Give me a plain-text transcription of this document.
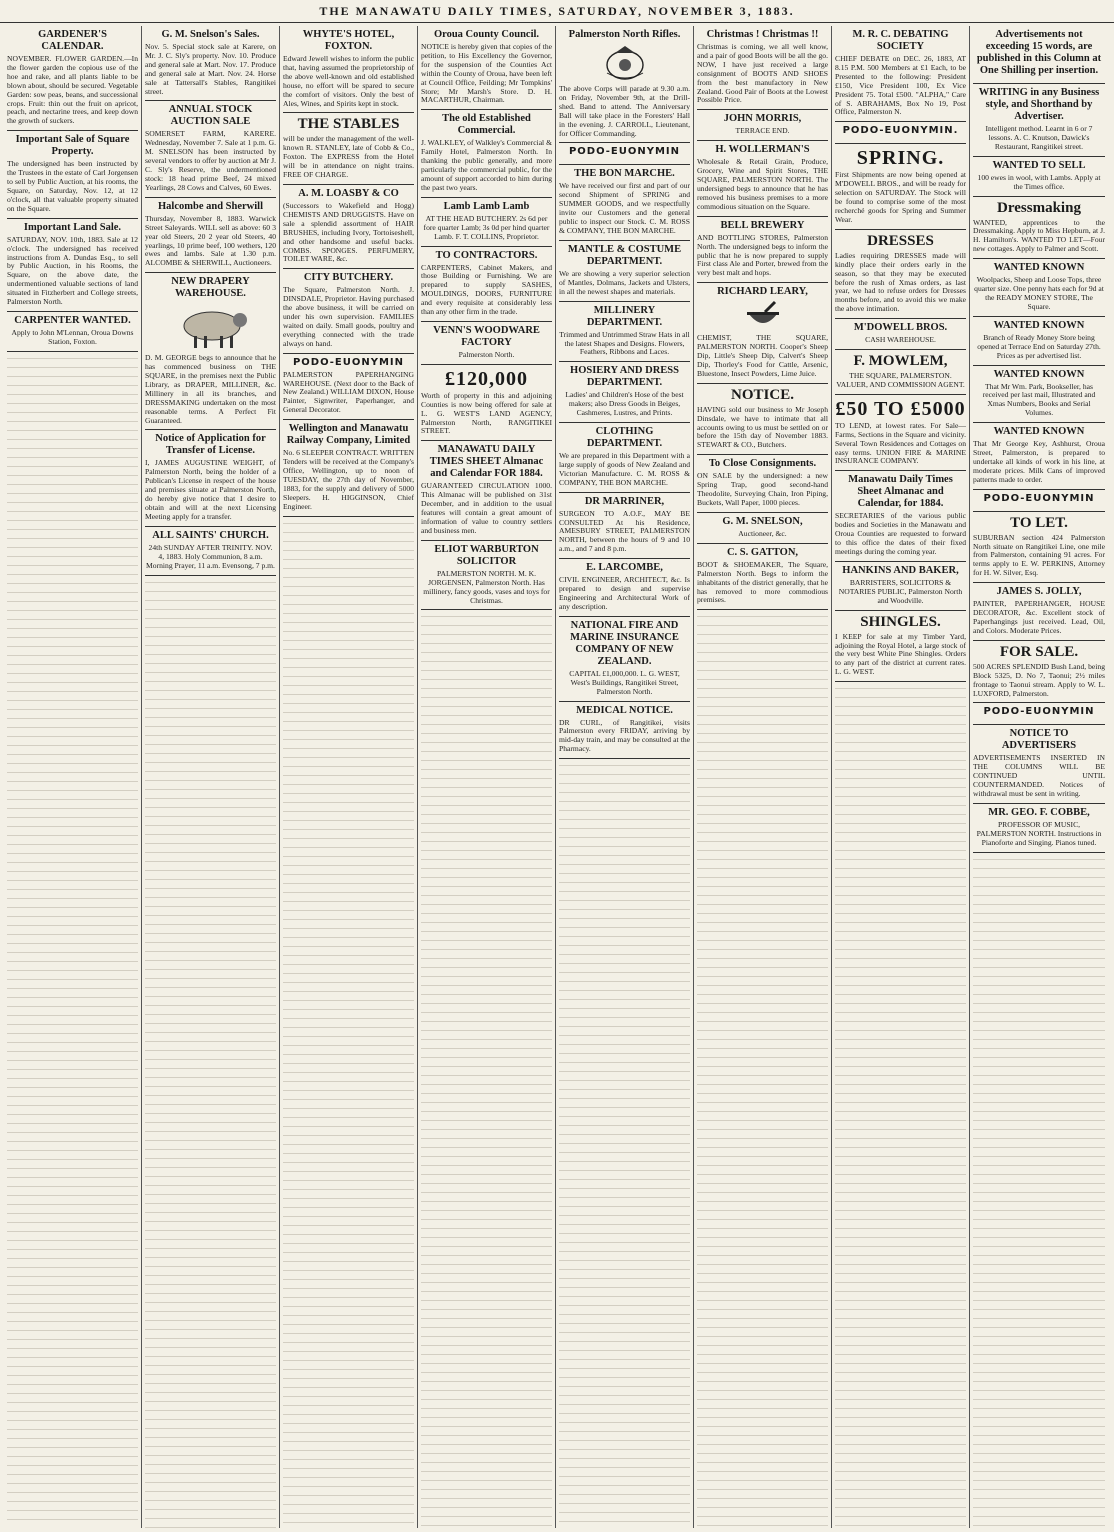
THE MANAWATU DAILY TIMES, SATURDAY, NOVEMBER 3, 1883.
GARDENER'S CALENDAR.
NOVEMBER. FLOWER GARDEN.—In the flower garden the copious use of the hoe and rake, and all plants liable to be blown about, should be secured. Vegetable Garden: sow peas, beans, and successional crops. Fruit: thin out the fruit on apricot, peach, and nectarine trees, and keep down the growth of suckers.
Important Sale of Square Property.
The undersigned has been instructed by the Trustees in the estate of Carl Jorgensen to sell by Public Auction, at his rooms, the Square, on Saturday, Nov. 12, at 12 o'clock, all that valuable property situated on the Square.
Important Land Sale.
SATURDAY, NOV. 10th, 1883. Sale at 12 o'clock. The undersigned has received instructions from A. Dundas Esq., to sell by Public Auction, in his Rooms, the Square, on the above date, the undermentioned valuable sections of land situated in Fitzherbert and College streets, Palmerston North.
CARPENTER WANTED.
Apply to John M'Lennan, Oroua Downs Station, Foxton.
G. M. Snelson's Sales.
Nov. 5. Special stock sale at Karere, on Mr. J. C. Sly's property. Nov. 10. Produce and general sale at Mart. Nov. 17. Produce and general sale at Mart. Nov. 24. Horse sale at Tattersall's Stables, Rangitikei street.
ANNUAL STOCK AUCTION SALE
SOMERSET FARM, KARERE. Wednesday, November 7. Sale at 1 p.m. G. M. SNELSON has been instructed by several vendors to offer by auction at Mr J. C. Sly's Reserve, the undermentioned stock: 18 head prime Beef, 24 mixed Yearlings, 28 Cows and Calves, 60 Ewes.
Halcombe and Sherwill
Thursday, November 8, 1883. Warwick Street Saleyards. WILL sell as above: 60 3 year old Steers, 20 2 year old Steers, 40 yearlings, 10 prime beef, 100 wethers, 120 ewes and lambs. Sale at 1.30 p.m. ALCOMBE & SHERWILL, Auctioneers.
NEW DRAPERY WAREHOUSE.
D. M. GEORGE begs to announce that he has commenced business on THE SQUARE, in the premises next the Public Library, as DRAPER, MILLINER, &c. Millinery in all its branches, and DRESSMAKING undertaken on the most reasonable terms. A Perfect Fit Guaranteed.
Notice of Application for Transfer of License.
I, JAMES AUGUSTINE WEIGHT, of Palmerston North, being the holder of a Publican's License in respect of the house and premises situate at Palmerston North, do hereby give notice that I desire to obtain and will at the next Licensing Meeting apply for a transfer.
ALL SAINTS' CHURCH.
24th SUNDAY AFTER TRINITY. NOV. 4, 1883. Holy Communion, 8 a.m. Morning Prayer, 11 a.m. Evensong, 7 p.m.
WHYTE'S HOTEL, FOXTON.
Edward Jewell wishes to inform the public that, having assumed the proprietorship of the above well-known and old established house, no effort will be spared to secure the comfort of visitors. Only the best of Ales, Wines, and Spirits kept in stock.
THE STABLES
will be under the management of the well-known R. STANLEY, late of Cobb & Co., Foxton. The EXPRESS from the Hotel will be in attendance on night trains. FREE OF CHARGE.
A. M. LOASBY & CO
(Successors to Wakefield and Hogg) CHEMISTS AND DRUGGISTS. Have on sale a splendid assortment of HAIR BRUSHES, including Ivory, Tortoiseshell, and other handsome and useful backs. COMBS. SPONGES. PERFUMERY, TOILET WARE, &c.
CITY BUTCHERY.
The Square, Palmerston North. J. DINSDALE, Proprietor. Having purchased the above business, it will be carried on under his own supervision. FAMILIES waited on daily. Small goods, poultry and everything connected with the trade always on hand.
PODO-EUONYMIN
PALMERSTON PAPERHANGING WAREHOUSE. (Next door to the Back of New Zealand.) WILLIAM DIXON, House Painter, Signwriter, Paperhanger, and General Decorator.
Wellington and Manawatu Railway Company, Limited
No. 6 SLEEPER CONTRACT. WRITTEN Tenders will be received at the Company's Office, Wellington, up to noon of TUESDAY, the 27th day of November, 1883, for the supply and delivery of 5000 Sleepers. H. HIGGINSON, Chief Engineer.
Oroua County Council.
NOTICE is hereby given that copies of the petition, to His Excellency the Governor, for the suspension of the Counties Act within the County of Oroua, have been left at Council Office, Feilding; Mr Tompkins' Store; Mr Marsh's Store. D. H. MACARTHUR, Chairman.
The old Established Commercial.
J. WALKLEY, of Walkley's Commercial & Family Hotel, Palmerston North. In thanking the public generally, and more particularly the commercial public, for the amount of support accorded to him during the past two years.
Lamb Lamb Lamb
AT THE HEAD BUTCHERY. 2s 6d per fore quarter Lamb; 3s 0d per hind quarter Lamb. F. T. COLLINS, Proprietor.
TO CONTRACTORS.
CARPENTERS, Cabinet Makers, and those Building or Furnishing. We are prepared to supply SASHES, MOULDINGS, DOORS, FURNITURE and every requisite at considerably less than any other firm in the trade.
VENN'S WOODWARE FACTORY
Palmerston North.
£120,000
Worth of property in this and adjoining Counties is now being offered for sale at L. G. WEST'S LAND AGENCY, Palmerston North, RANGITIKEI STREET.
MANAWATU DAILY TIMES SHEET Almanac and Calendar FOR 1884.
GUARANTEED CIRCULATION 1000. This Almanac will be published on 31st December, and in addition to the usual features will contain a great amount of information of value to country settlers and business men.
ELIOT WARBURTON SOLICITOR
PALMERSTON NORTH. M. K. JORGENSEN, Palmerston North. Has millinery, fancy goods, vases and toys for Christmas.
Palmerston North Rifles.
The above Corps will parade at 9.30 a.m. on Friday, November 9th, at the Drill-shed. Band to attend. The Anniversary Ball will take place in the Foresters' Hall in the evening. J. CARROLL, Lieutenant, for Officer Commanding.
PODO-EUONYMIN
THE BON MARCHE.
We have received our first and part of our second Shipment of SPRING and SUMMER GOODS, and we respectfully invite our Customers and the general public to inspect our Stock. C. M. ROSS & COMPANY, THE BON MARCHE.
MANTLE & COSTUME DEPARTMENT.
We are showing a very superior selection of Mantles, Dolmans, Jackets and Ulsters, in all the newest shapes and materials.
MILLINERY DEPARTMENT.
Trimmed and Untrimmed Straw Hats in all the latest Shapes and Designs. Flowers, Feathers, Ribbons and Laces.
HOSIERY AND DRESS DEPARTMENT.
Ladies' and Children's Hose of the best makers; also Dress Goods in Beiges, Cashmeres, Lustres, and Prints.
CLOTHING DEPARTMENT.
We are prepared in this Department with a large supply of goods of New Zealand and Victorian Manufacture. C. M. ROSS & COMPANY, THE BON MARCHE.
DR MARRINER,
SURGEON TO A.O.F., MAY BE CONSULTED At his Residence, AMESBURY STREET, PALMERSTON NORTH, between the hours of 9 and 10 a.m., and 7 and 8 p.m.
E. LARCOMBE,
CIVIL ENGINEER, ARCHITECT, &c. Is prepared to design and supervise Engineering and Architectural Work of any description.
NATIONAL FIRE AND MARINE INSURANCE COMPANY OF NEW ZEALAND.
CAPITAL £1,000,000. L. G. WEST, West's Buildings, Rangitikei Street, Palmerston North.
MEDICAL NOTICE.
DR CURL, of Rangitikei, visits Palmerston every FRIDAY, arriving by mid-day train, and may be consulted at the Pharmacy.
Christmas ! Christmas !!
Christmas is coming, we all well know, and a pair of good Boots will be all the go. NOW, I have just received a large consignment of BOOTS AND SHOES from the best manufactory in New Zealand. Good Pair of Boots at the Lowest Possible Price.
JOHN MORRIS,
TERRACE END.
H. WOLLERMAN'S
Wholesale & Retail Grain, Produce, Grocery, Wine and Spirit Stores, THE SQUARE, PALMERSTON NORTH. The undersigned begs to announce that he has removed his business premises to a more commodious situation on the Square.
BELL BREWERY
AND BOTTLING STORES, Palmerston North. The undersigned begs to inform the public that he is now prepared to supply First class Ale and Porter, brewed from the very best malt and hops.
RICHARD LEARY,
CHEMIST, THE SQUARE, PALMERSTON NORTH. Cooper's Sheep Dip, Little's Sheep Dip, Calvert's Sheep Dip, Thorley's Food for Cattle, Arsenic, Bluestone, Insect Powders, Lime Juice.
NOTICE.
HAVING sold our business to Mr Joseph Dinsdale, we have to intimate that all accounts owing to us must be settled on or before the 15th day of November 1883. STEWART & CO., Butchers.
To Close Consignments.
ON SALE by the undersigned: a new Spring Trap, good second-hand Theodolite, Surveying Chain, Iron Piping, Buckets, Wall Paper, 1000 pieces.
G. M. SNELSON,
Auctioneer, &c.
C. S. GATTON,
BOOT & SHOEMAKER, The Square, Palmerston North. Begs to inform the inhabitants of the district generally, that he has removed to more commodious premises.
M. R. C. DEBATING SOCIETY
CHIEF DEBATE on DEC. 26, 1883, AT 8.15 P.M. 500 Members at £1 Each, to be Presented to the following: President £150, Vice President 100, Ex Vice President 75. Total £500. "ALPHA," Care of S. ABRAHAMS, Box No 19, Post Office, Palmerston N.
PODO-EUONYMIN.
SPRING.
First Shipments are now being opened at M'DOWELL BROS., and will be ready for selection on SATURDAY. The Stock will be found to comprise some of the most recherché goods for Spring and Summer Wear.
DRESSES
Ladies requiring DRESSES made will kindly place their orders early in the season, so that they may be executed before the rush of Xmas orders, as last year, we had to refuse orders for Dresses months before, and to avoid this we make the above intimation.
M'DOWELL BROS.
CASH WAREHOUSE.
F. MOWLEM,
THE SQUARE, PALMERSTON. VALUER, AND COMMISSION AGENT.
£50 TO £5000
TO LEND, at lowest rates. For Sale—Farms, Sections in the Square and vicinity. Several Town Residences and Cottages on easy terms. UNION FIRE & MARINE INSURANCE COMPANY.
Manawatu Daily Times Sheet Almanac and Calendar, for 1884.
SECRETARIES of the various public bodies and Societies in the Manawatu and Oroua Counties are requested to forward to this office the dates of their fixed meetings during the coming year.
HANKINS AND BAKER,
BARRISTERS, SOLICITORS & NOTARIES PUBLIC, Palmerston North and Woodville.
SHINGLES.
I KEEP for sale at my Timber Yard, adjoining the Royal Hotel, a large stock of the very best White Pine Shingles. Orders to any part of the district at current rates. L. G. WEST.
Advertisements not exceeding 15 words, are published in this Column at One Shilling per insertion.
WRITING in any Business style, and Shorthand by Advertiser.
Intelligent method. Learnt in 6 or 7 lessons. A. C. Knutson, Dawick's Restaurant, Rangitikei street.
WANTED TO SELL
100 ewes in wool, with Lambs. Apply at the Times office.
Dressmaking
WANTED, apprentices to the Dressmaking. Apply to Miss Hepburn, at J. H. Hamilton's. WANTED TO LET—Four new cottages. Apply to Palmer and Scott.
WANTED KNOWN
Woolpacks, Sheep and Loose Tops, three quarter size. One penny hats each for 9d at the READY MONEY STORE, The Square.
WANTED KNOWN
Branch of Ready Money Store being opened at Terrace End on Saturday 27th. Prices as per advertised list.
WANTED KNOWN
That Mr Wm. Park, Bookseller, has received per last mail, Illustrated and Xmas Numbers, Books and Serial Volumes.
WANTED KNOWN
That Mr George Key, Ashhurst, Oroua Street, Palmerston, is prepared to undertake all kinds of work in his line, at moderate prices. Milk Cans of improved patterns made to order.
PODO-EUONYMIN
TO LET.
SUBURBAN section 424 Palmerston North situate on Rangitikei Line, one mile from Palmerston, containing 91 acres. For terms apply to E. W. PERKINS, Attorney for H. W. Silver, Esq.
JAMES S. JOLLY,
PAINTER, PAPERHANGER, HOUSE DECORATOR, &c. Excellent stock of Paperhangings just received. Lead, Oil, and Colors. Moderate Prices.
FOR SALE.
500 ACRES SPLENDID Bush Land, being Block 5325, D. No 7, Taonui; 2½ miles frontage to Taonui stream. Apply to W. L. LUXFORD, Palmerston.
PODO-EUONYMIN
NOTICE TO ADVERTISERS
ADVERTISEMENTS INSERTED IN THE COLUMNS WILL BE CONTINUED UNTIL COUNTERMANDED. Notices of withdrawal must be sent in writing.
MR. GEO. F. COBBE,
PROFESSOR OF MUSIC, PALMERSTON NORTH. Instructions in Pianoforte and Singing. Pianos tuned.
